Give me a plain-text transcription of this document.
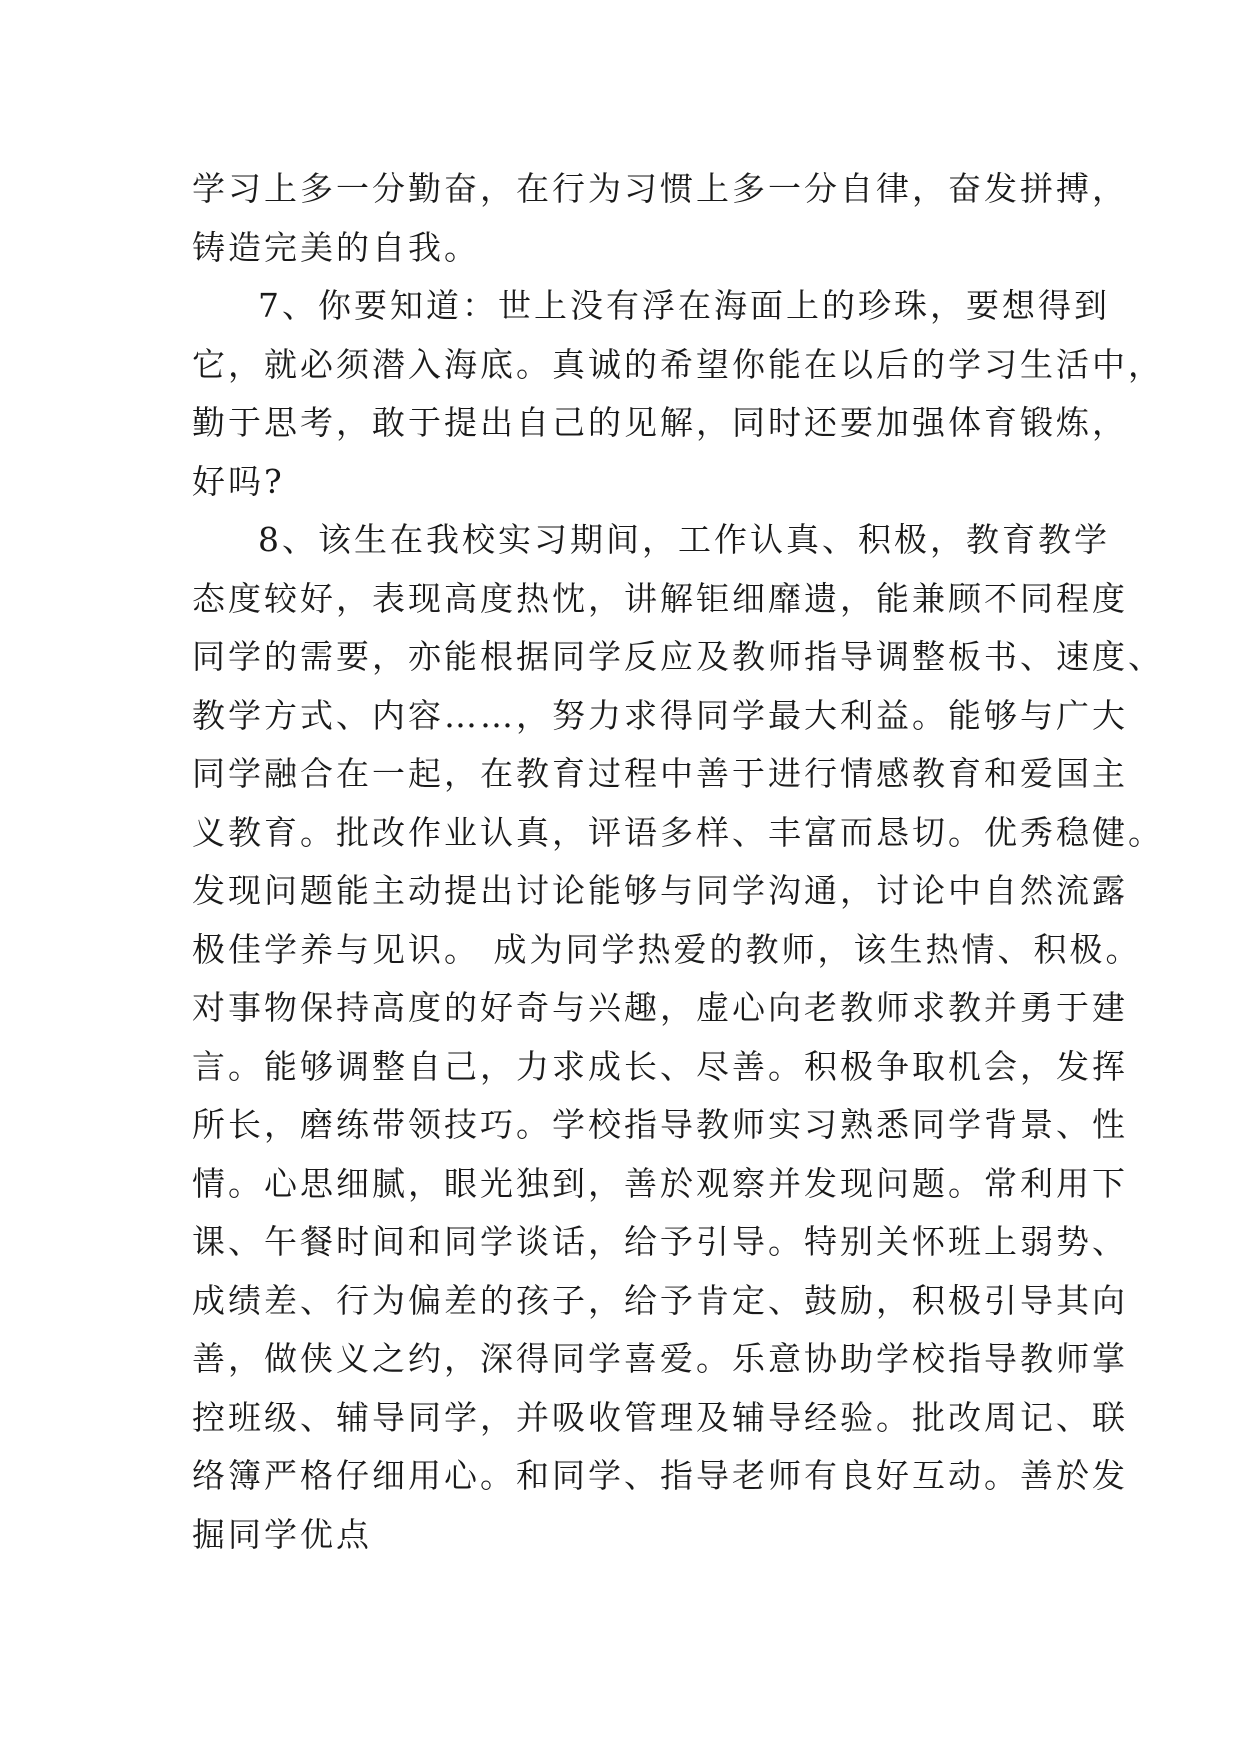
学习上多一分勤奋，在行为习惯上多一分自律，奋发拼搏，
铸造完美的自我。
7、你要知道：世上没有浮在海面上的珍珠，要想得到
它，就必须潜入海底。真诚的希望你能在以后的学习生活中，
勤于思考，敢于提出自己的见解，同时还要加强体育锻炼，
好吗?
8、该生在我校实习期间，工作认真、积极，教育教学
态度较好，表现高度热忱，讲解钜细靡遗，能兼顾不同程度
同学的需要，亦能根据同学反应及教师指导调整板书、速度、
教学方式、内容……，努力求得同学最大利益。能够与广大
同学融合在一起，在教育过程中善于进行情感教育和爱国主
义教育。批改作业认真，评语多样、丰富而恳切。优秀稳健。
发现问题能主动提出讨论能够与同学沟通，讨论中自然流露
极佳学养与见识。 成为同学热爱的教师，该生热情、积极。
对事物保持高度的好奇与兴趣，虚心向老教师求教并勇于建
言。能够调整自己，力求成长、尽善。积极争取机会，发挥
所长，磨练带领技巧。学校指导教师实习熟悉同学背景、性
情。心思细腻，眼光独到，善於观察并发现问题。常利用下
课、午餐时间和同学谈话，给予引导。特别关怀班上弱势、
成绩差、行为偏差的孩子，给予肯定、鼓励，积极引导其向
善，做侠义之约，深得同学喜爱。乐意协助学校指导教师掌
控班级、辅导同学，并吸收管理及辅导经验。批改周记、联
络簿严格仔细用心。和同学、指导老师有良好互动。善於发
掘同学优点
